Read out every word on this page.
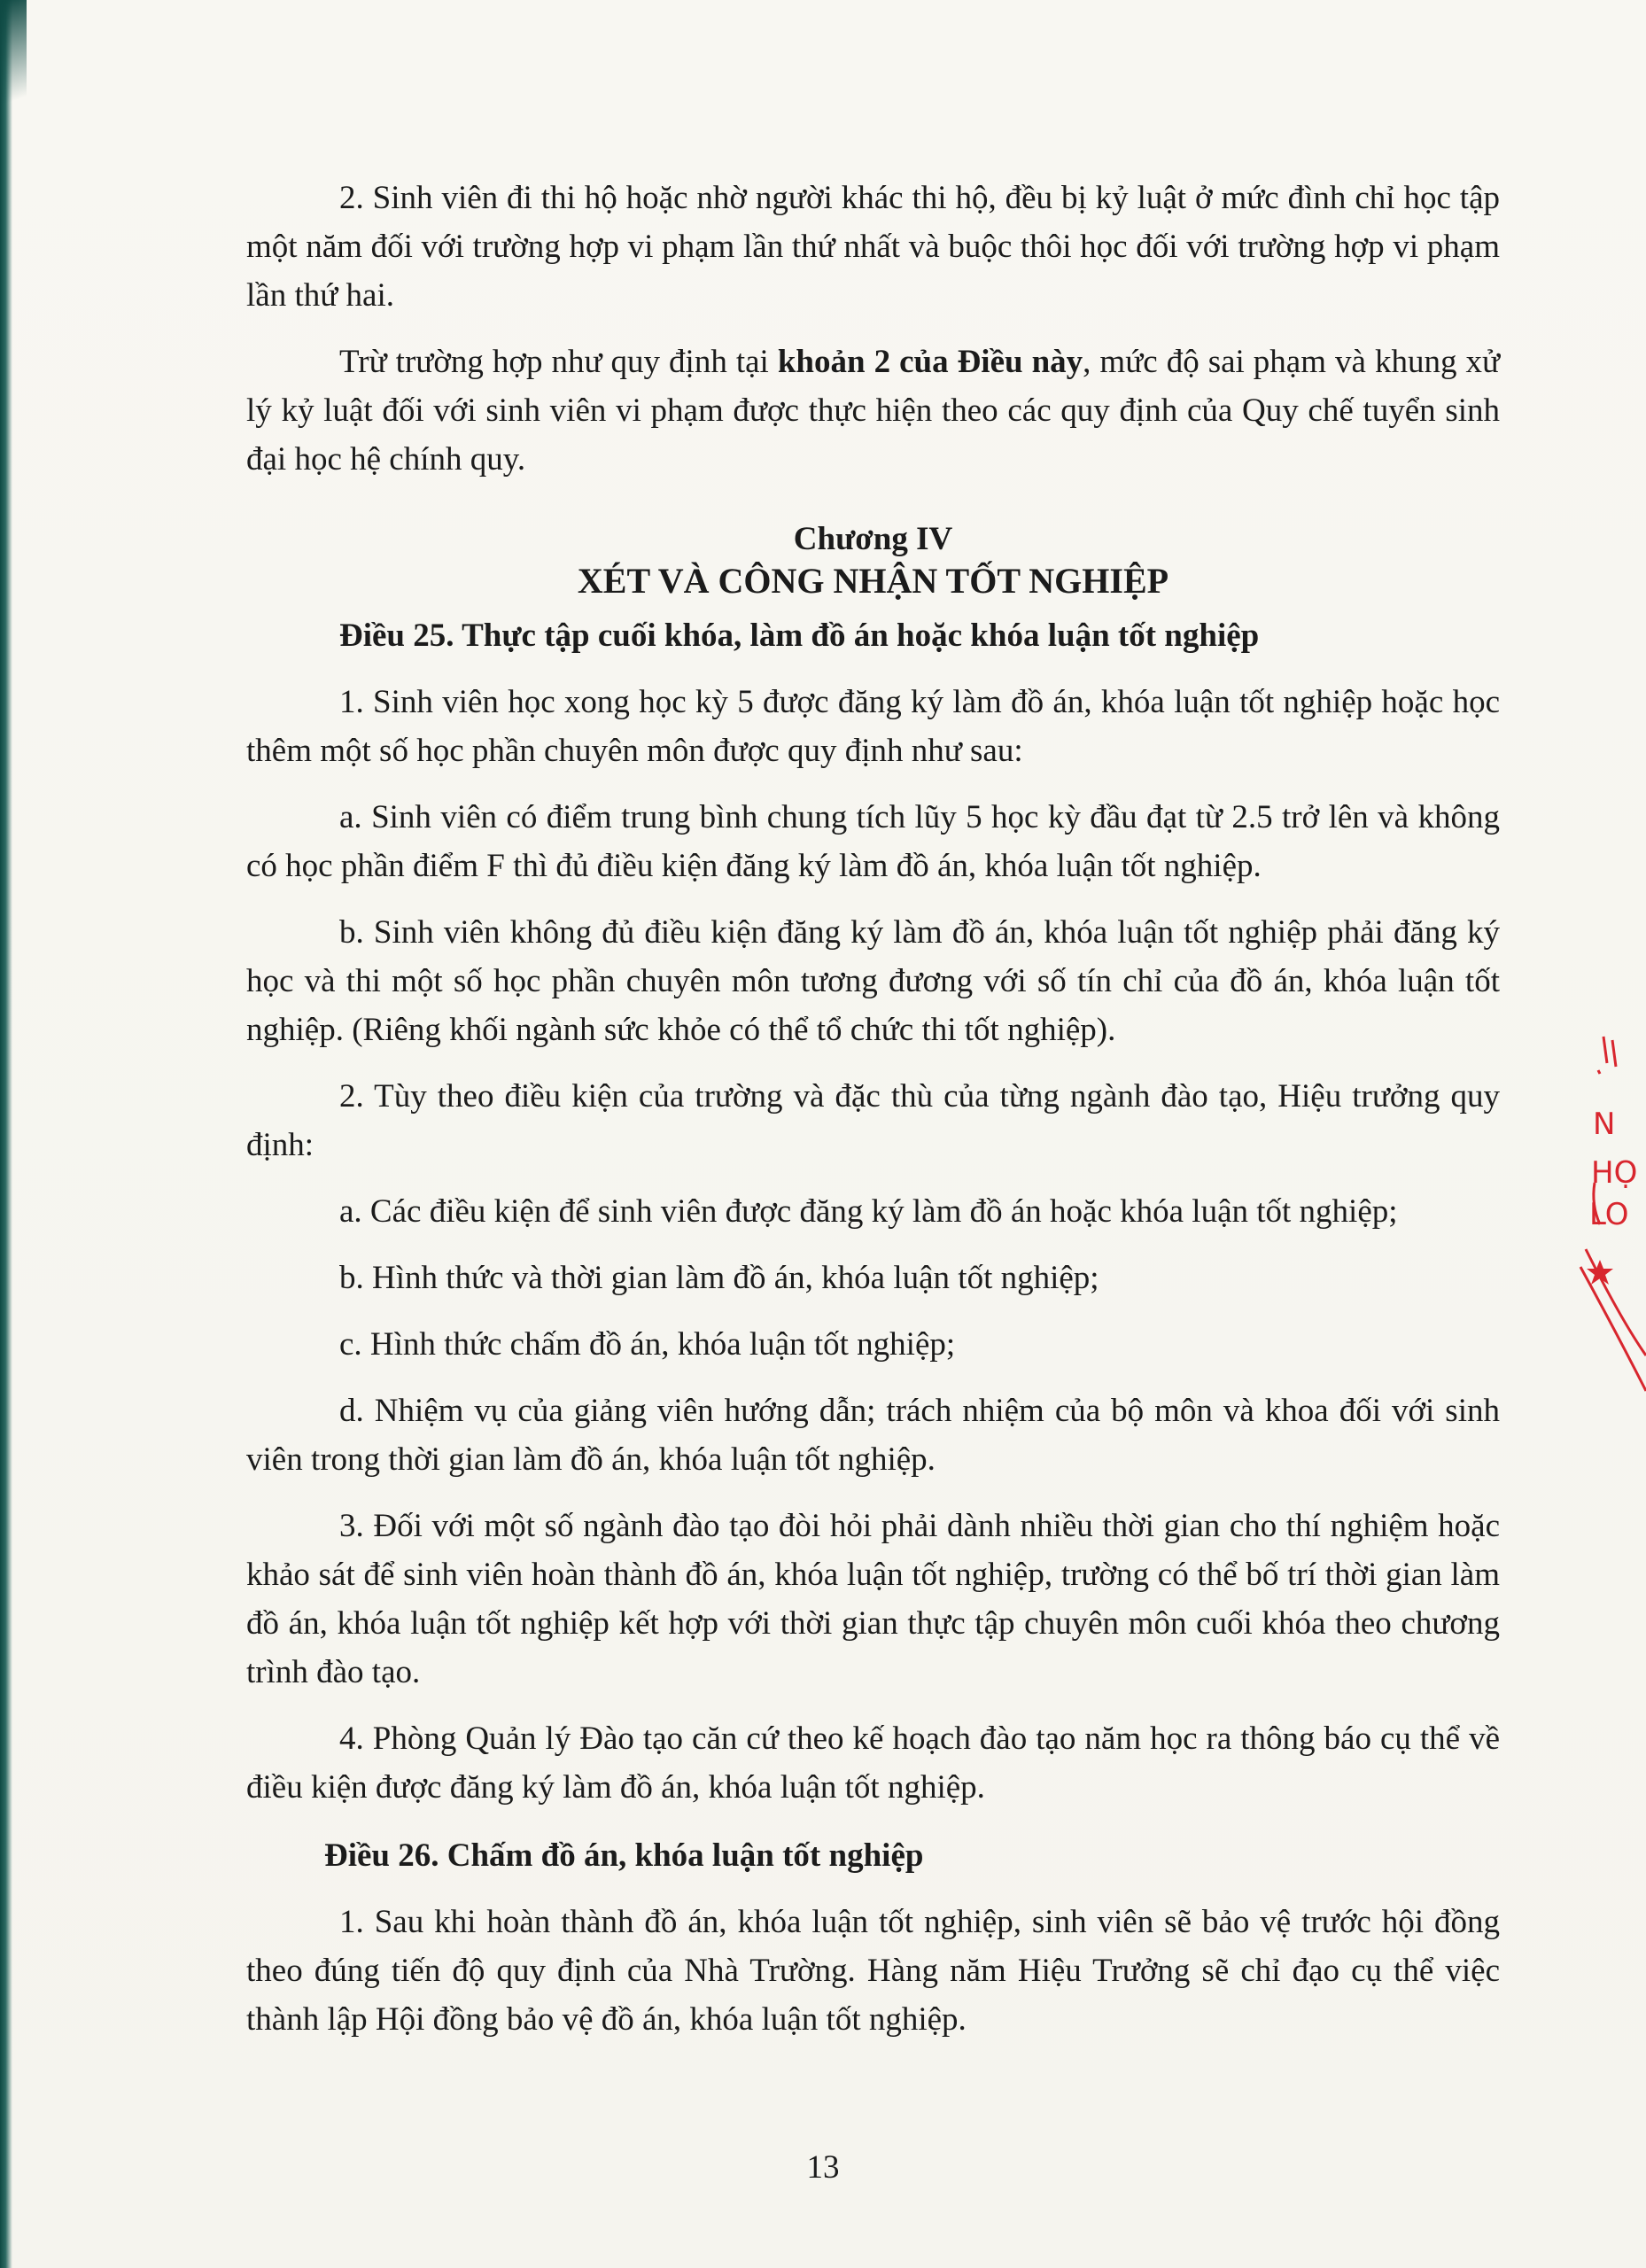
2. Sinh viên đi thi hộ hoặc nhờ người khác thi hộ, đều bị kỷ luật ở mức đình chỉ học tập một năm đối với trường hợp vi phạm lần thứ nhất và buộc thôi học đối với trường hợp vi phạm lần thứ hai.

Trừ trường hợp như quy định tại khoản 2 của Điều này, mức độ sai phạm và khung xử lý kỷ luật đối với sinh viên vi phạm được thực hiện theo các quy định của Quy chế tuyển sinh đại học hệ chính quy.

Chương IV
XÉT VÀ CÔNG NHẬN TỐT NGHIỆP

Điều 25. Thực tập cuối khóa, làm đồ án hoặc khóa luận tốt nghiệp

1. Sinh viên học xong học kỳ 5 được đăng ký làm đồ án, khóa luận tốt nghiệp hoặc học thêm một số học phần chuyên môn được quy định như sau:

a. Sinh viên có điểm trung bình chung tích lũy 5 học kỳ đầu đạt từ 2.5 trở lên và không có học phần điểm F thì đủ điều kiện đăng ký làm đồ án, khóa luận tốt nghiệp.

b. Sinh viên không đủ điều kiện đăng ký làm đồ án, khóa luận tốt nghiệp phải đăng ký học và thi một số học phần chuyên môn tương đương với số tín chỉ của đồ án, khóa luận tốt nghiệp. (Riêng khối ngành sức khỏe có thể tổ chức thi tốt nghiệp).

2. Tùy theo điều kiện của trường và đặc thù của từng ngành đào tạo, Hiệu trưởng quy định:

a. Các điều kiện để sinh viên được đăng ký làm đồ án hoặc khóa luận tốt nghiệp;

b. Hình thức và thời gian làm đồ án, khóa luận tốt nghiệp;

c. Hình thức chấm đồ án, khóa luận tốt nghiệp;

d. Nhiệm vụ của giảng viên hướng dẫn; trách nhiệm của bộ môn và khoa đối với sinh viên trong thời gian làm đồ án, khóa luận tốt nghiệp.

3. Đối với một số ngành đào tạo đòi hỏi phải dành nhiều thời gian cho thí nghiệm hoặc khảo sát để sinh viên hoàn thành đồ án, khóa luận tốt nghiệp, trường có thể bố trí thời gian làm đồ án, khóa luận tốt nghiệp kết hợp với thời gian thực tập chuyên môn cuối khóa theo chương trình đào tạo.

4. Phòng Quản lý Đào tạo căn cứ theo kế hoạch đào tạo năm học ra thông báo cụ thể về điều kiện được đăng ký làm đồ án, khóa luận tốt nghiệp.

Điều 26. Chấm đồ án, khóa luận tốt nghiệp

1. Sau khi hoàn thành đồ án, khóa luận tốt nghiệp, sinh viên sẽ bảo vệ trước hội đồng theo đúng tiến độ quy định của Nhà Trường. Hàng năm Hiệu Trưởng sẽ chỉ đạo cụ thể việc thành lập Hội đồng bảo vệ đồ án, khóa luận tốt nghiệp.

13
N
HỌ
LO
